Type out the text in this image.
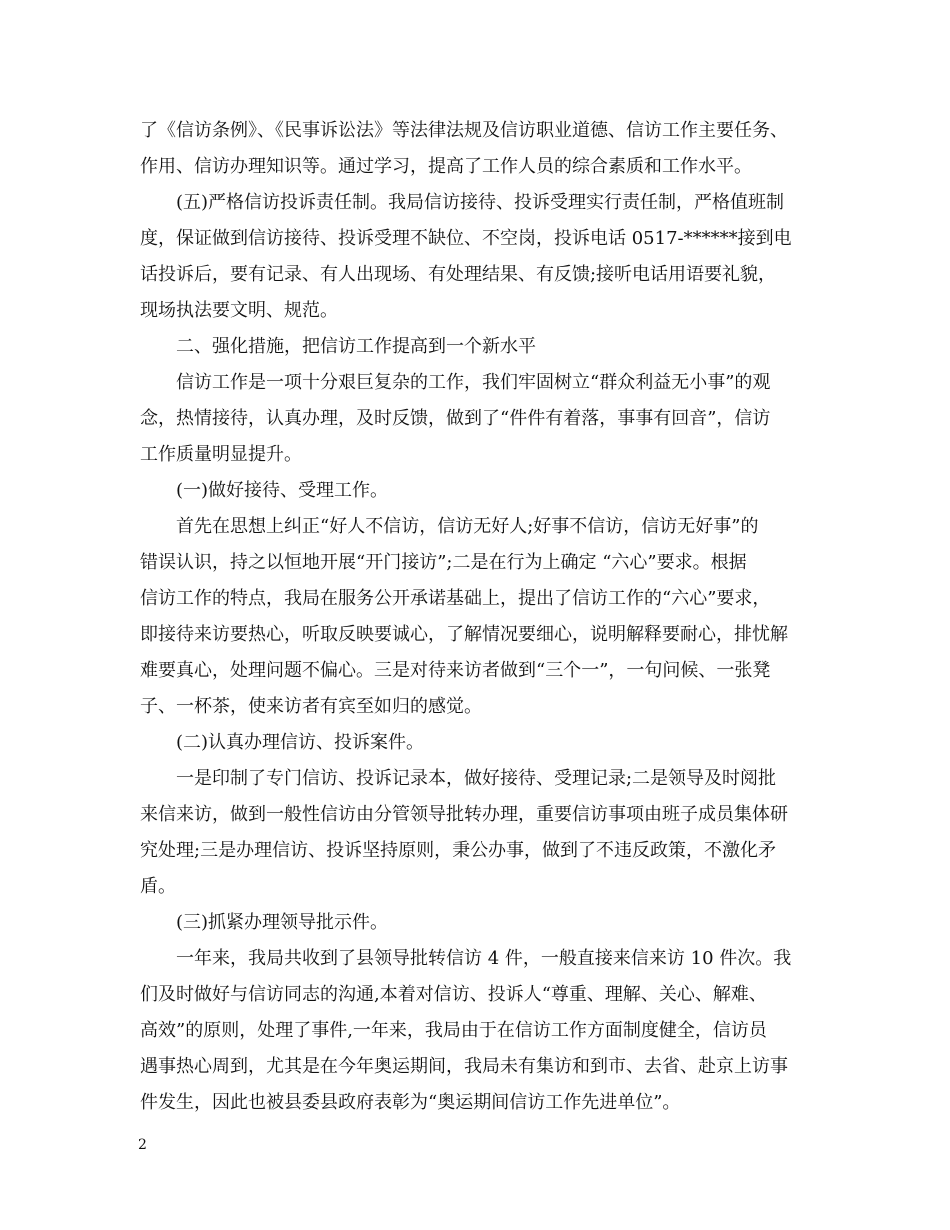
了《信访条例》、《民事诉讼法》等法律法规及信访职业道德、信访工作主要任务、
作用、信访办理知识等。通过学习，提高了工作人员的综合素质和工作水平。
(五)严格信访投诉责任制。我局信访接待、投诉受理实行责任制，严格值班制
度，保证做到信访接待、投诉受理不缺位、不空岗，投诉电话 0517-******接到电
话投诉后，要有记录、有人出现场、有处理结果、有反馈;接听电话用语要礼貌，
现场执法要文明、规范。
二、强化措施，把信访工作提高到一个新水平
信访工作是一项十分艰巨复杂的工作，我们牢固树立“群众利益无小事”的观
念，热情接待，认真办理，及时反馈，做到了“件件有着落，事事有回音”，信访
工作质量明显提升。
(一)做好接待、受理工作。
首先在思想上纠正“好人不信访，信访无好人;好事不信访，信访无好事”的
错误认识，持之以恒地开展“开门接访”;二是在行为上确定 “六心”要求。根据
信访工作的特点，我局在服务公开承诺基础上，提出了信访工作的“六心”要求，
即接待来访要热心，听取反映要诚心，了解情况要细心，说明解释要耐心，排忧解
难要真心，处理问题不偏心。三是对待来访者做到“三个一”，一句问候、一张凳
子、一杯茶，使来访者有宾至如归的感觉。
(二)认真办理信访、投诉案件。
一是印制了专门信访、投诉记录本，做好接待、受理记录;二是领导及时阅批
来信来访，做到一般性信访由分管领导批转办理，重要信访事项由班子成员集体研
究处理;三是办理信访、投诉坚持原则，秉公办事，做到了不违反政策，不激化矛
盾。
(三)抓紧办理领导批示件。
一年来，我局共收到了县领导批转信访 4 件，一般直接来信来访 10 件次。我
们及时做好与信访同志的沟通,本着对信访、投诉人“尊重、理解、关心、解难、
高效”的原则，处理了事件,一年来，我局由于在信访工作方面制度健全，信访员
遇事热心周到，尤其是在今年奥运期间，我局未有集访和到市、去省、赴京上访事
件发生，因此也被县委县政府表彰为“奥运期间信访工作先进单位”。
2
